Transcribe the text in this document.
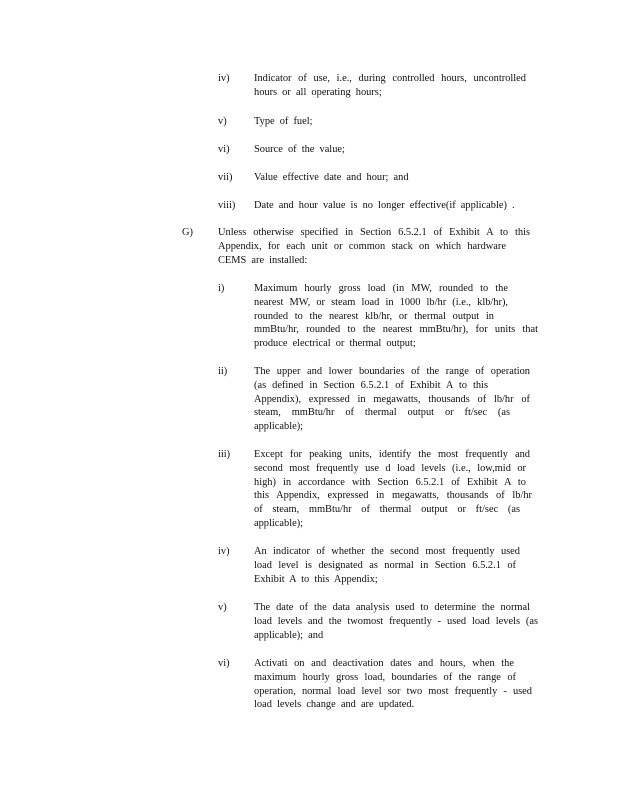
iv) Indicator of use, i.e., during controlled hours, uncontrolled
hours or all operating hours;
v)	Type of fuel;
vi) Source of the value;
vii) Value effective date and hour; and
viii) Date and hour value is no longer effective(if applicable) .
G) Unless otherwise specified in Section 6.5.2.1 of Exhibit A to this
Appendix, for each unit or common stack on which hardware
CEMS are installed:
i)	Maximum hourly gross load (in MW, rounded to the
nearest MW, or steam load in 1000 lb/hr (i.e., klb/hr),
rounded to the nearest klb/hr, or thermal output in
mmBtu/hr, rounded to the nearest mmBtu/hr), for units that
produce electrical or thermal output;
ii)	The upper and lower boundaries of the range of operation
(as defined in Section 6.5.2.1 of Exhibit A to this
Appendix), expressed in megawatts, thousands of lb/hr of
steam, mmBtu/hr of thermal output or ft/sec (as
applicable);
iii) Except for peaking units, identify the most frequently and
second most frequently use d load levels (i.e., low,mid or
high) in accordance with Section 6.5.2.1 of Exhibit A to
this Appendix, expressed in megawatts, thousands of lb/hr
of steam, mmBtu/hr of thermal output or ft/sec (as
applicable);
iv) An indicator of whether the second most frequently used
load level is designated as normal in Section 6.5.2.1 of
Exhibit A to this Appendix;
v)	The date of the data analysis used to determine the normal
load levels and the twomost frequently - used load levels (as
applicable); and
vi) Activati on and deactivation dates and hours, when the
maximum hourly gross load, boundaries of the range of
operation, normal load level sor two most frequently - used
load levels change and are updated.
